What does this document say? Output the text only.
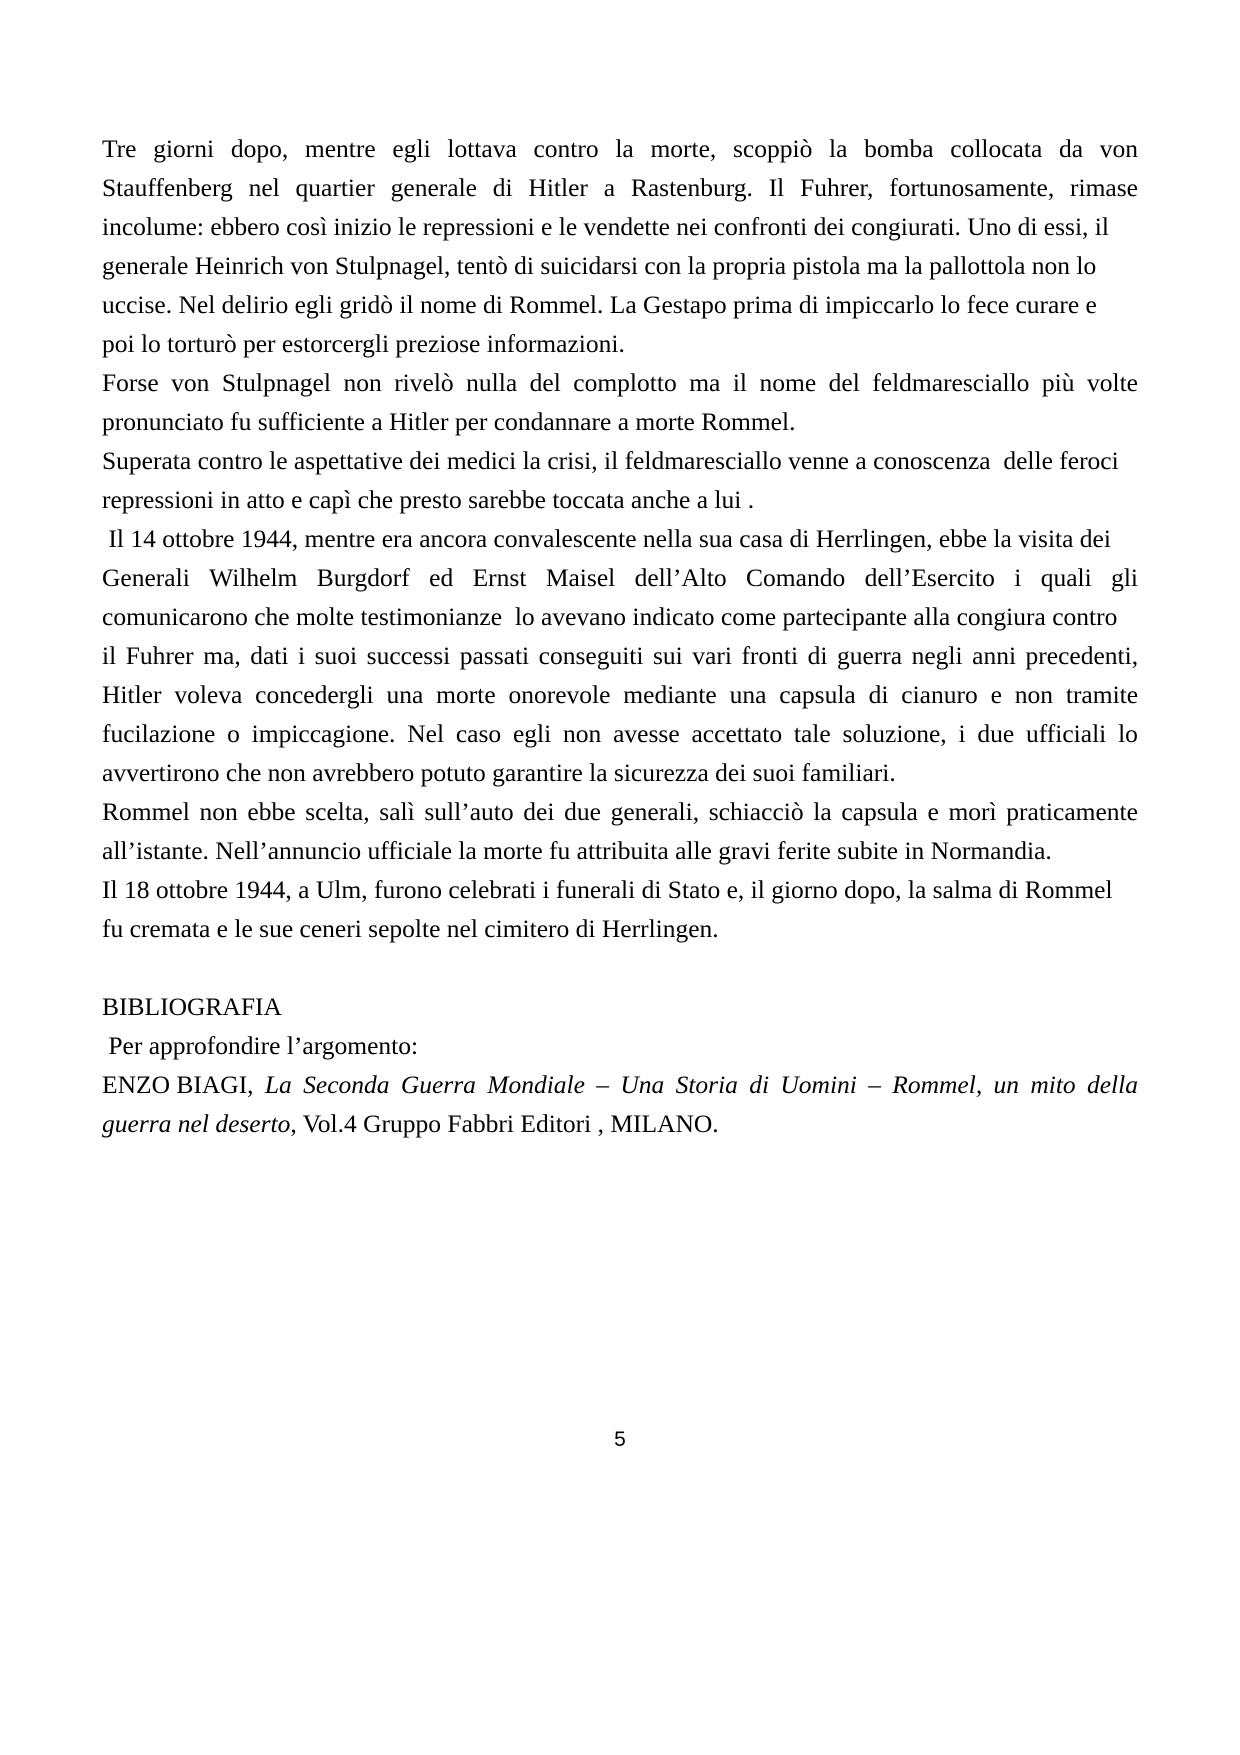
Tre giorni dopo, mentre egli lottava contro la morte, scoppiò la bomba collocata da von
Stauffenberg nel quartier generale di Hitler a Rastenburg. Il Fuhrer, fortunosamente, rimase
incolume: ebbero così inizio le repressioni e le vendette nei confronti dei congiurati. Uno di essi, il
generale Heinrich von Stulpnagel, tentò di suicidarsi con la propria pistola ma la pallottola non lo
uccise. Nel delirio egli gridò il nome di Rommel. La Gestapo prima di impiccarlo lo fece curare e
poi lo torturò per estorcergli preziose informazioni.

Forse von Stulpnagel non rivelò nulla del complotto ma il nome del feldmaresciallo più volte
pronunciato fu sufficiente a Hitler per condannare a morte Rommel.

Superata contro le aspettative dei medici la crisi, il feldmaresciallo venne a conoscenza  delle feroci
repressioni in atto e capì che presto sarebbe toccata anche a lui .

Il 14 ottobre 1944, mentre era ancora convalescente nella sua casa di Herrlingen, ebbe la visita dei
Generali Wilhelm Burgdorf ed Ernst Maisel dell’Alto Comando dell’Esercito i quali gli
comunicarono che molte testimonianze  lo avevano indicato come partecipante alla congiura contro
il Fuhrer ma, dati i suoi successi passati conseguiti sui vari fronti di guerra negli anni precedenti,
Hitler voleva concedergli una morte onorevole mediante una capsula di cianuro e non tramite
fucilazione o impiccagione. Nel caso egli non avesse accettato tale soluzione, i due ufficiali lo
avvertirono che non avrebbero potuto garantire la sicurezza dei suoi familiari.

Rommel non ebbe scelta, salì sull’auto dei due generali, schiacciò la capsula e morì praticamente
all’istante. Nell’annuncio ufficiale la morte fu attribuita alle gravi ferite subite in Normandia.

Il 18 ottobre 1944, a Ulm, furono celebrati i funerali di Stato e, il giorno dopo, la salma di Rommel
fu cremata e le sue ceneri sepolte nel cimitero di Herrlingen.

BIBLIOGRAFIA

Per approfondire l’argomento:

ENZO BIAGI, La Seconda Guerra Mondiale – Una Storia di Uomini – Rommel, un mito della
guerra nel deserto, Vol.4 Gruppo Fabbri Editori , MILANO.

5
